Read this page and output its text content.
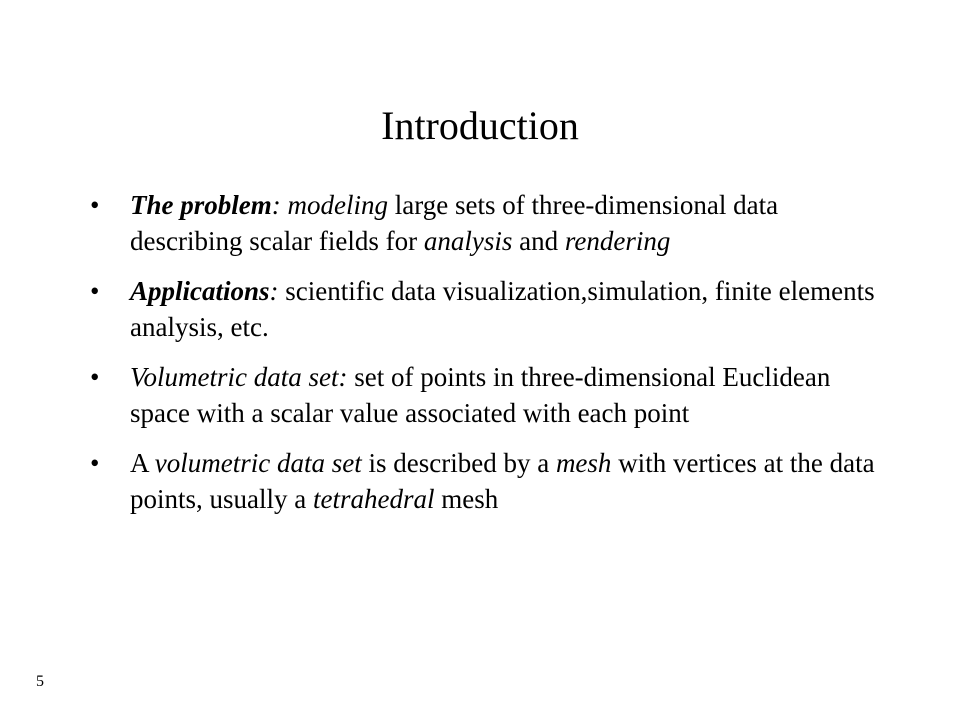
Introduction
• The problem: modeling large sets of three-dimensional data describing scalar fields for analysis and rendering
• Applications: scientific data visualization,simulation, finite elements analysis, etc.
• Volumetric data set: set of points in three-dimensional Euclidean space with a scalar value associated with each point
• A volumetric data set is described by a mesh with vertices at the data points, usually a tetrahedral mesh
5
